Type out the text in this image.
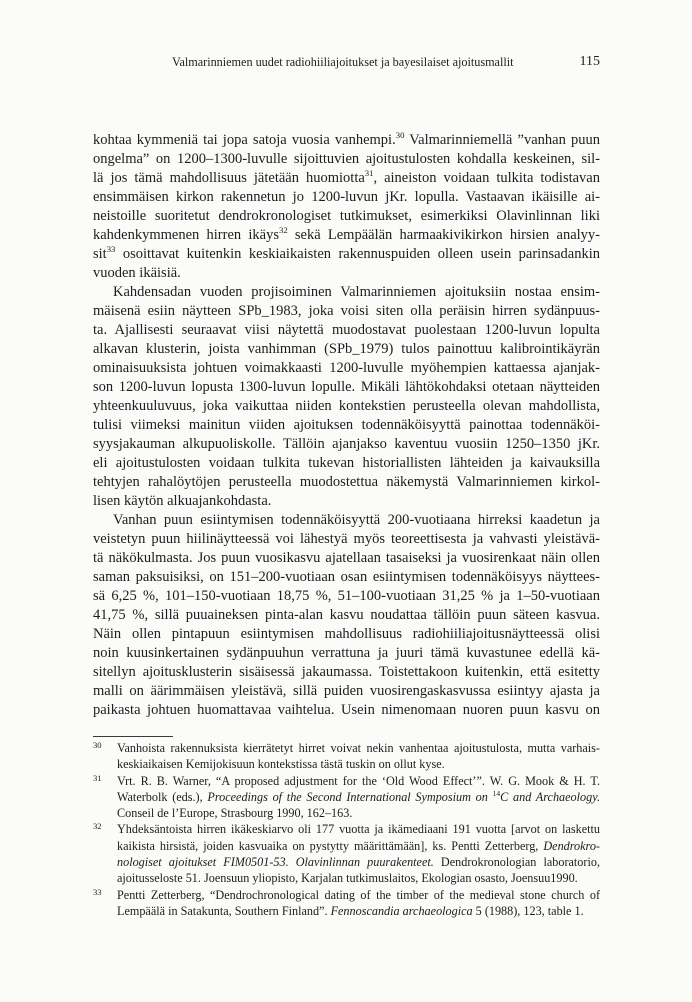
Valmarinniemen uudet radiohiiliajoitukset ja bayesilaiset ajoitusmallit	115
kohtaa kymmeniä tai jopa satoja vuosia vanhempi.$^{30}$ Valmarinniemellä ”vanhan puun
ongelma” on 1200–1300-luvulle sijoittuvien ajoitustulosten kohdalla keskeinen, sil-
lä jos tämä mahdollisuus jätetään huomiotta$^{31}$, aineiston voidaan tulkita todistavan
ensimmäisen kirkon rakennetun jo 1200-luvun jKr. lopulla. Vastaavan ikäisille ai-
neistoille suoritetut dendrokronologiset tutkimukset, esimerkiksi Olavinlinnan liki
kahdenkymmenen hirren ikäys$^{32}$ sekä Lempäälän harmaakivikirkon hirsien analyy-
sit$^{33}$ osoittavat kuitenkin keskiaikaisten rakennuspuiden olleen usein parinsadankin
vuoden ikäisiä.
Kahdensadan vuoden projisoiminen Valmarinniemen ajoituksiin nostaa ensim-
mäisenä esiin näytteen SPb_1983, joka voisi siten olla peräisin hirren sydänpuus-
ta. Ajallisesti seuraavat viisi näytettä muodostavat puolestaan 1200-luvun lopulta
alkavan klusterin, joista vanhimman (SPb_1979) tulos painottuu kalibrointikäyrän
ominaisuuksista johtuen voimakkaasti 1200-luvulle myöhempien kattaessa ajanjak-
son 1200-luvun lopusta 1300-luvun lopulle. Mikäli lähtökohdaksi otetaan näytteiden
yhteenkuuluvuus, joka vaikuttaa niiden kontekstien perusteella olevan mahdollista,
tulisi viimeksi mainitun viiden ajoituksen todennäköisyyttä painottaa todennäköi-
syysjakauman alkupuoliskolle. Tällöin ajanjakso kaventuu vuosiin 1250–1350 jKr.
eli ajoitustulosten voidaan tulkita tukevan historiallisten lähteiden ja kaivauksilla
tehtyjen rahalöytöjen perusteella muodostettua näkemystä Valmarinniemen kirkol-
lisen käytön alkuajankohdasta.
Vanhan puun esiintymisen todennäköisyyttä 200-vuotiaana hirreksi kaadetun ja
veistetyn puun hiilinäytteessä voi lähestyä myös teoreettisesta ja vahvasti yleistävä-
tä näkökulmasta. Jos puun vuosikasvu ajatellaan tasaiseksi ja vuosirenkaat näin ollen
saman paksuisiksi, on 151–200-vuotiaan osan esiintymisen todennäköisyys näyttees-
sä 6,25 %, 101–150-vuotiaan 18,75 %, 51–100-vuotiaan 31,25 % ja 1–50-vuotiaan
41,75 %, sillä puuaineksen pinta-alan kasvu noudattaa tällöin puun säteen kasvua.
Näin ollen pintapuun esiintymisen mahdollisuus radiohiiliajoitusnäytteessä olisi
noin kuusinkertainen sydänpuuhun verrattuna ja juuri tämä kuvastunee edellä kä-
sitellyn ajoitusklusterin sisäisessä jakaumassa. Toistettakoon kuitenkin, että esitetty
malli on äärimmäisen yleistävä, sillä puiden vuosirengaskasvussa esiintyy ajasta ja
paikasta johtuen huomattavaa vaihtelua. Usein nimenomaan nuoren puun kasvu on
30 Vanhoista rakennuksista kierrätetyt hirret voivat nekin vanhentaa ajoitustulosta, mutta varhais-
keskiaikaisen Kemijokisuun kontekstissa tästä tuskin on ollut kyse.
31 Vrt. R. B. Warner, “A proposed adjustment for the ‘Old Wood Effect’”. W. G. Mook & H. T.
Waterbolk (eds.), Proceedings of the Second International Symposium on $^{14}$C and Archaeology.
Conseil de l’Europe, Strasbourg 1990, 162–163.
32 Yhdeksäntoista hirren ikäkeskiarvo oli 177 vuotta ja ikämediaani 191 vuotta [arvot on laskettu
kaikista hirsistä, joiden kasvuaika on pystytty määrittämään], ks. Pentti Zetterberg, Dendrokro-
nologiset ajoitukset FIM0501-53. Olavinlinnan puurakenteet. Dendrokronologian laboratorio,
ajoitusseloste 51. Joensuun yliopisto, Karjalan tutkimuslaitos, Ekologian osasto, Joensuu1990.
33 Pentti Zetterberg, “Dendrochronological dating of the timber of the medieval stone church of
Lempäälä in Satakunta, Southern Finland”. Fennoscandia archaeologica 5 (1988), 123, table 1.
